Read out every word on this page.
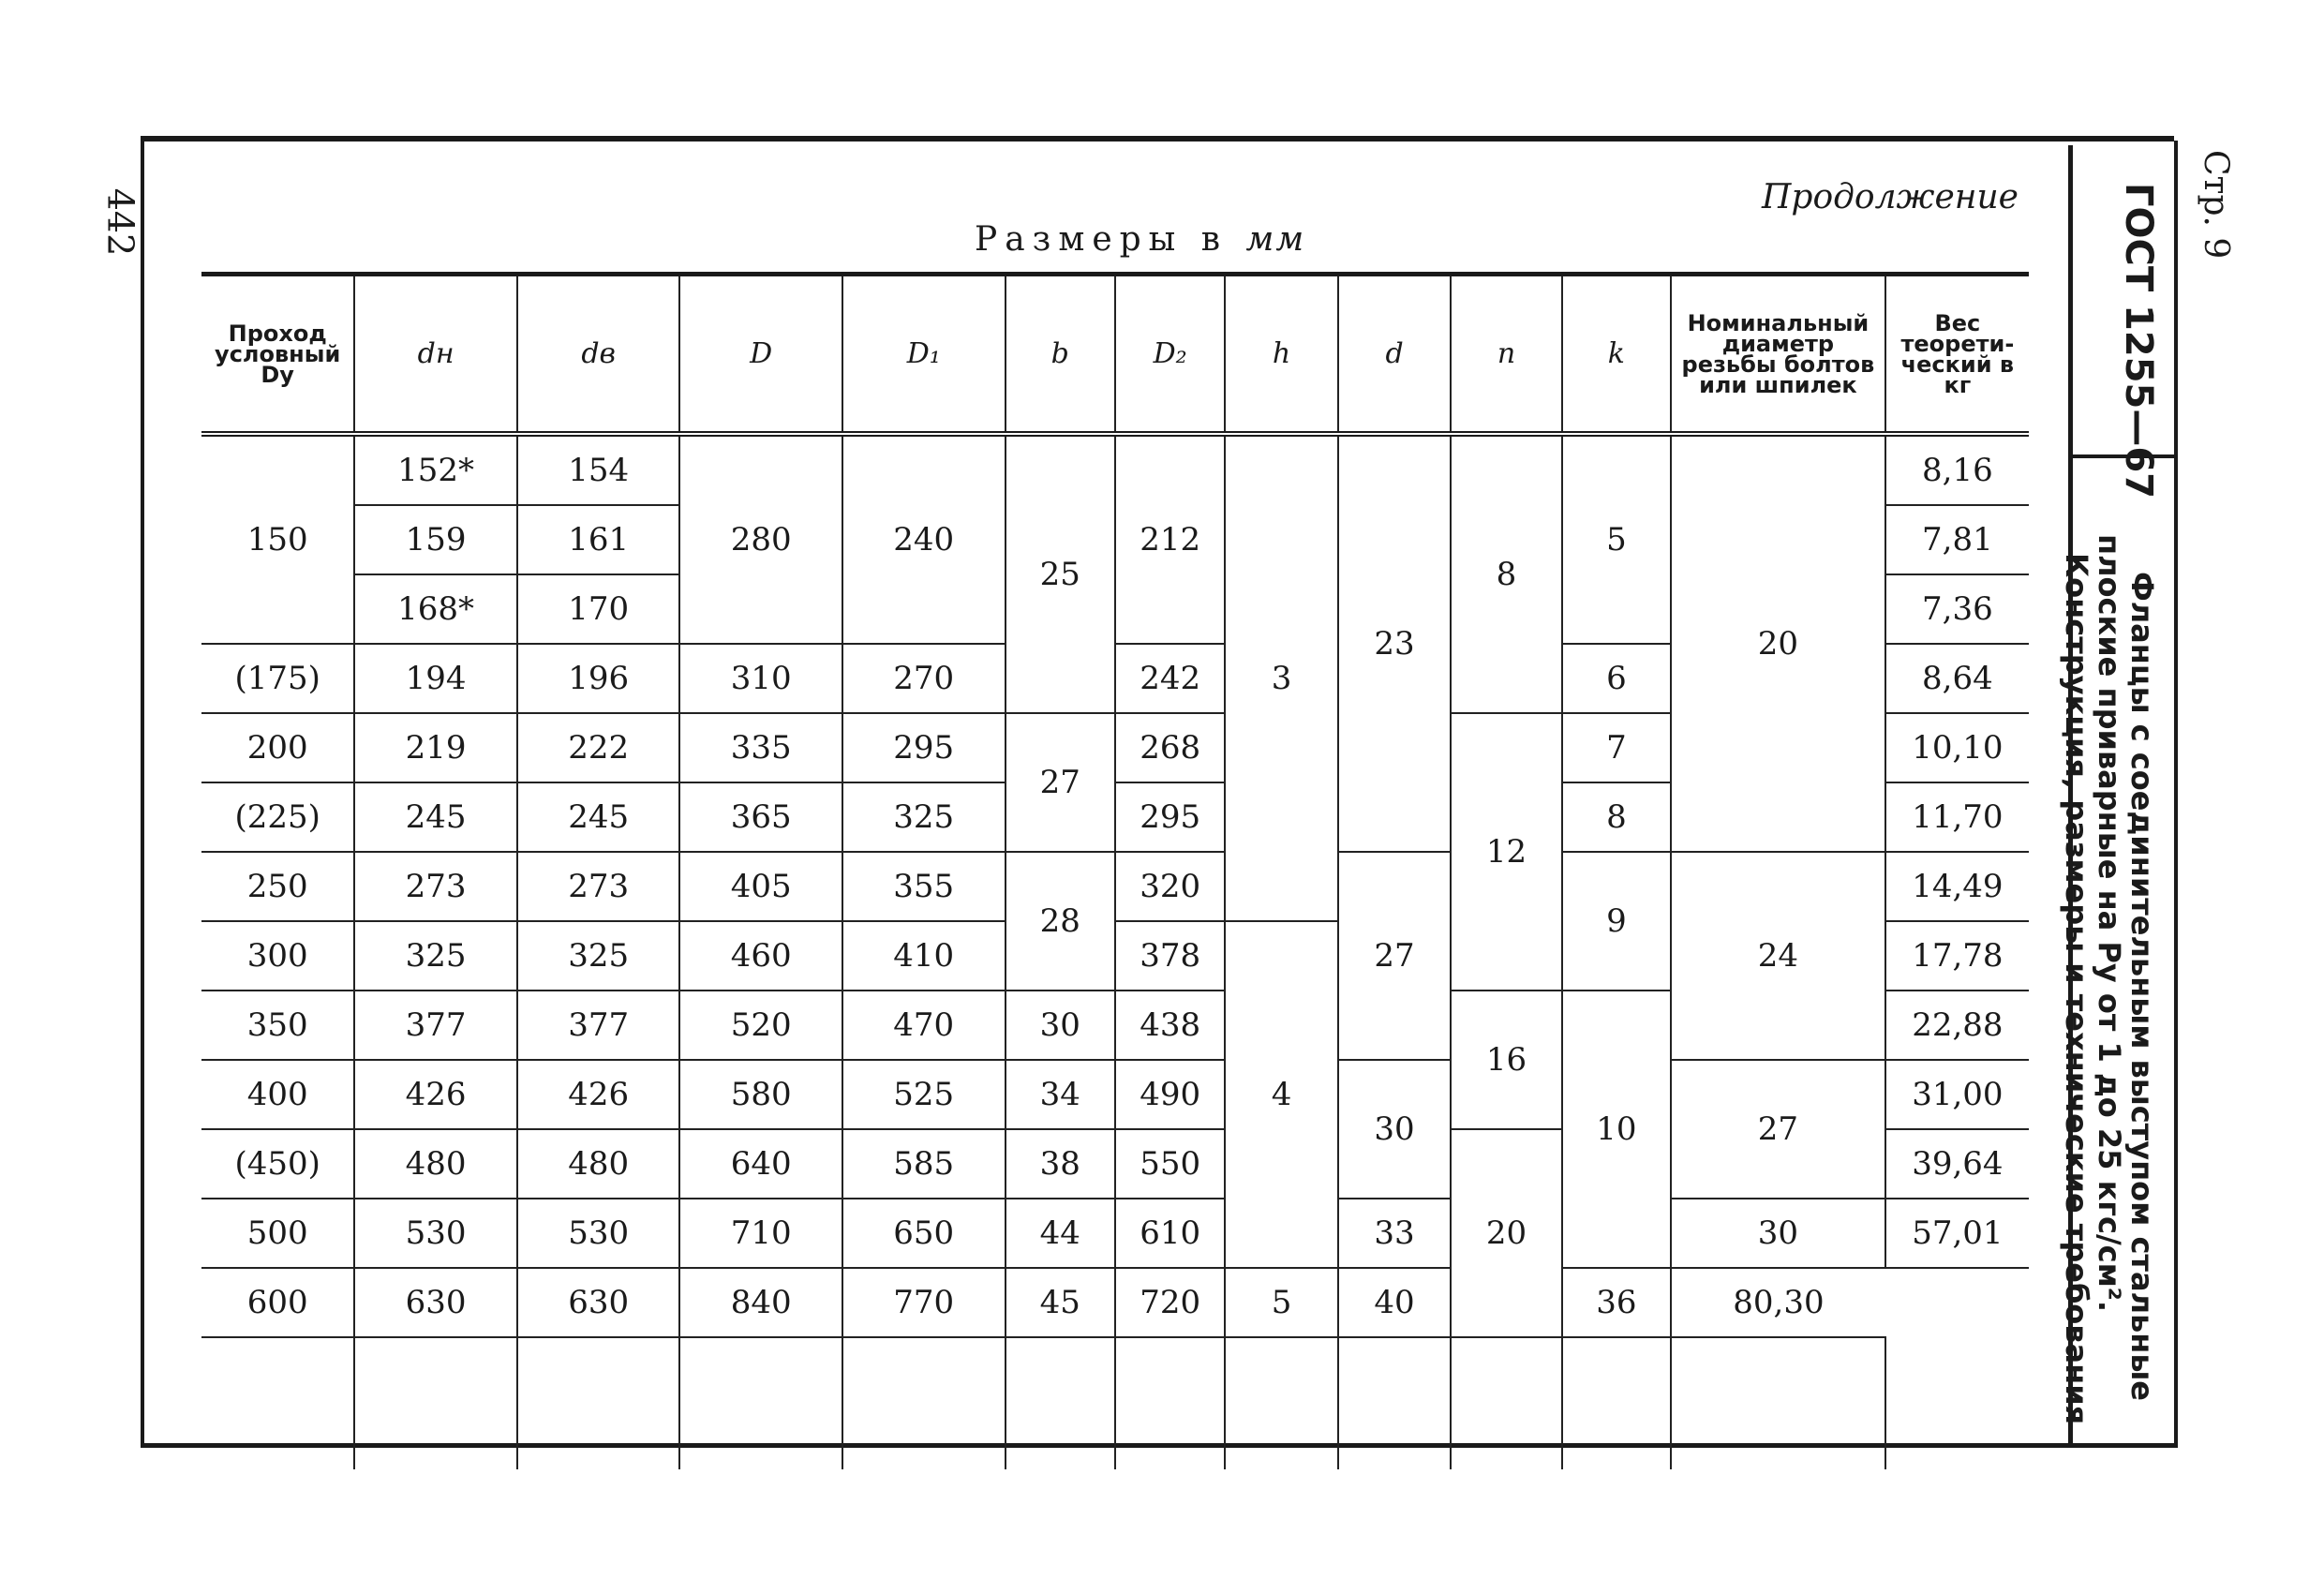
442	Продолжение
Размеры в мм
Проход условный Dу	dн	dв	D	D₁	b	D₂	h	d	n	k	Номинальный диаметр резьбы болтов или шпилек	Вес теорети-ческий в кг
150	152*	154	280	240	25	212	3	23	8	5	20	8,16
	159	161										7,81
	168*	170										7,36
(175)	194	196	310	270		242				6		8,64
200	219	222	335	295	27	268			12	7		10,10
(225)	245	245	365	325		295				8		11,70
250	273	273	405	355	28	320		27		9	24	14,49
300	325	325	460	410		378	4					17,78
350	377	377	520	470	30	438			16	10		22,88
400	426	426	580	525	34	490		30			27	31,00
(450)	480	480	640	585	38	550			20			39,64
500	530	530	710	650	44	610		33			30	57,01
600	630	630	840	770	45	720	5	40		36	80,30	

ГОСТ 1255—67 Стр. 9
Фланцы с соединительным выступом стальные
плоские приварные на Pу от 1 до 25 кгс/см².
Конструкция, размеры и технические требования
